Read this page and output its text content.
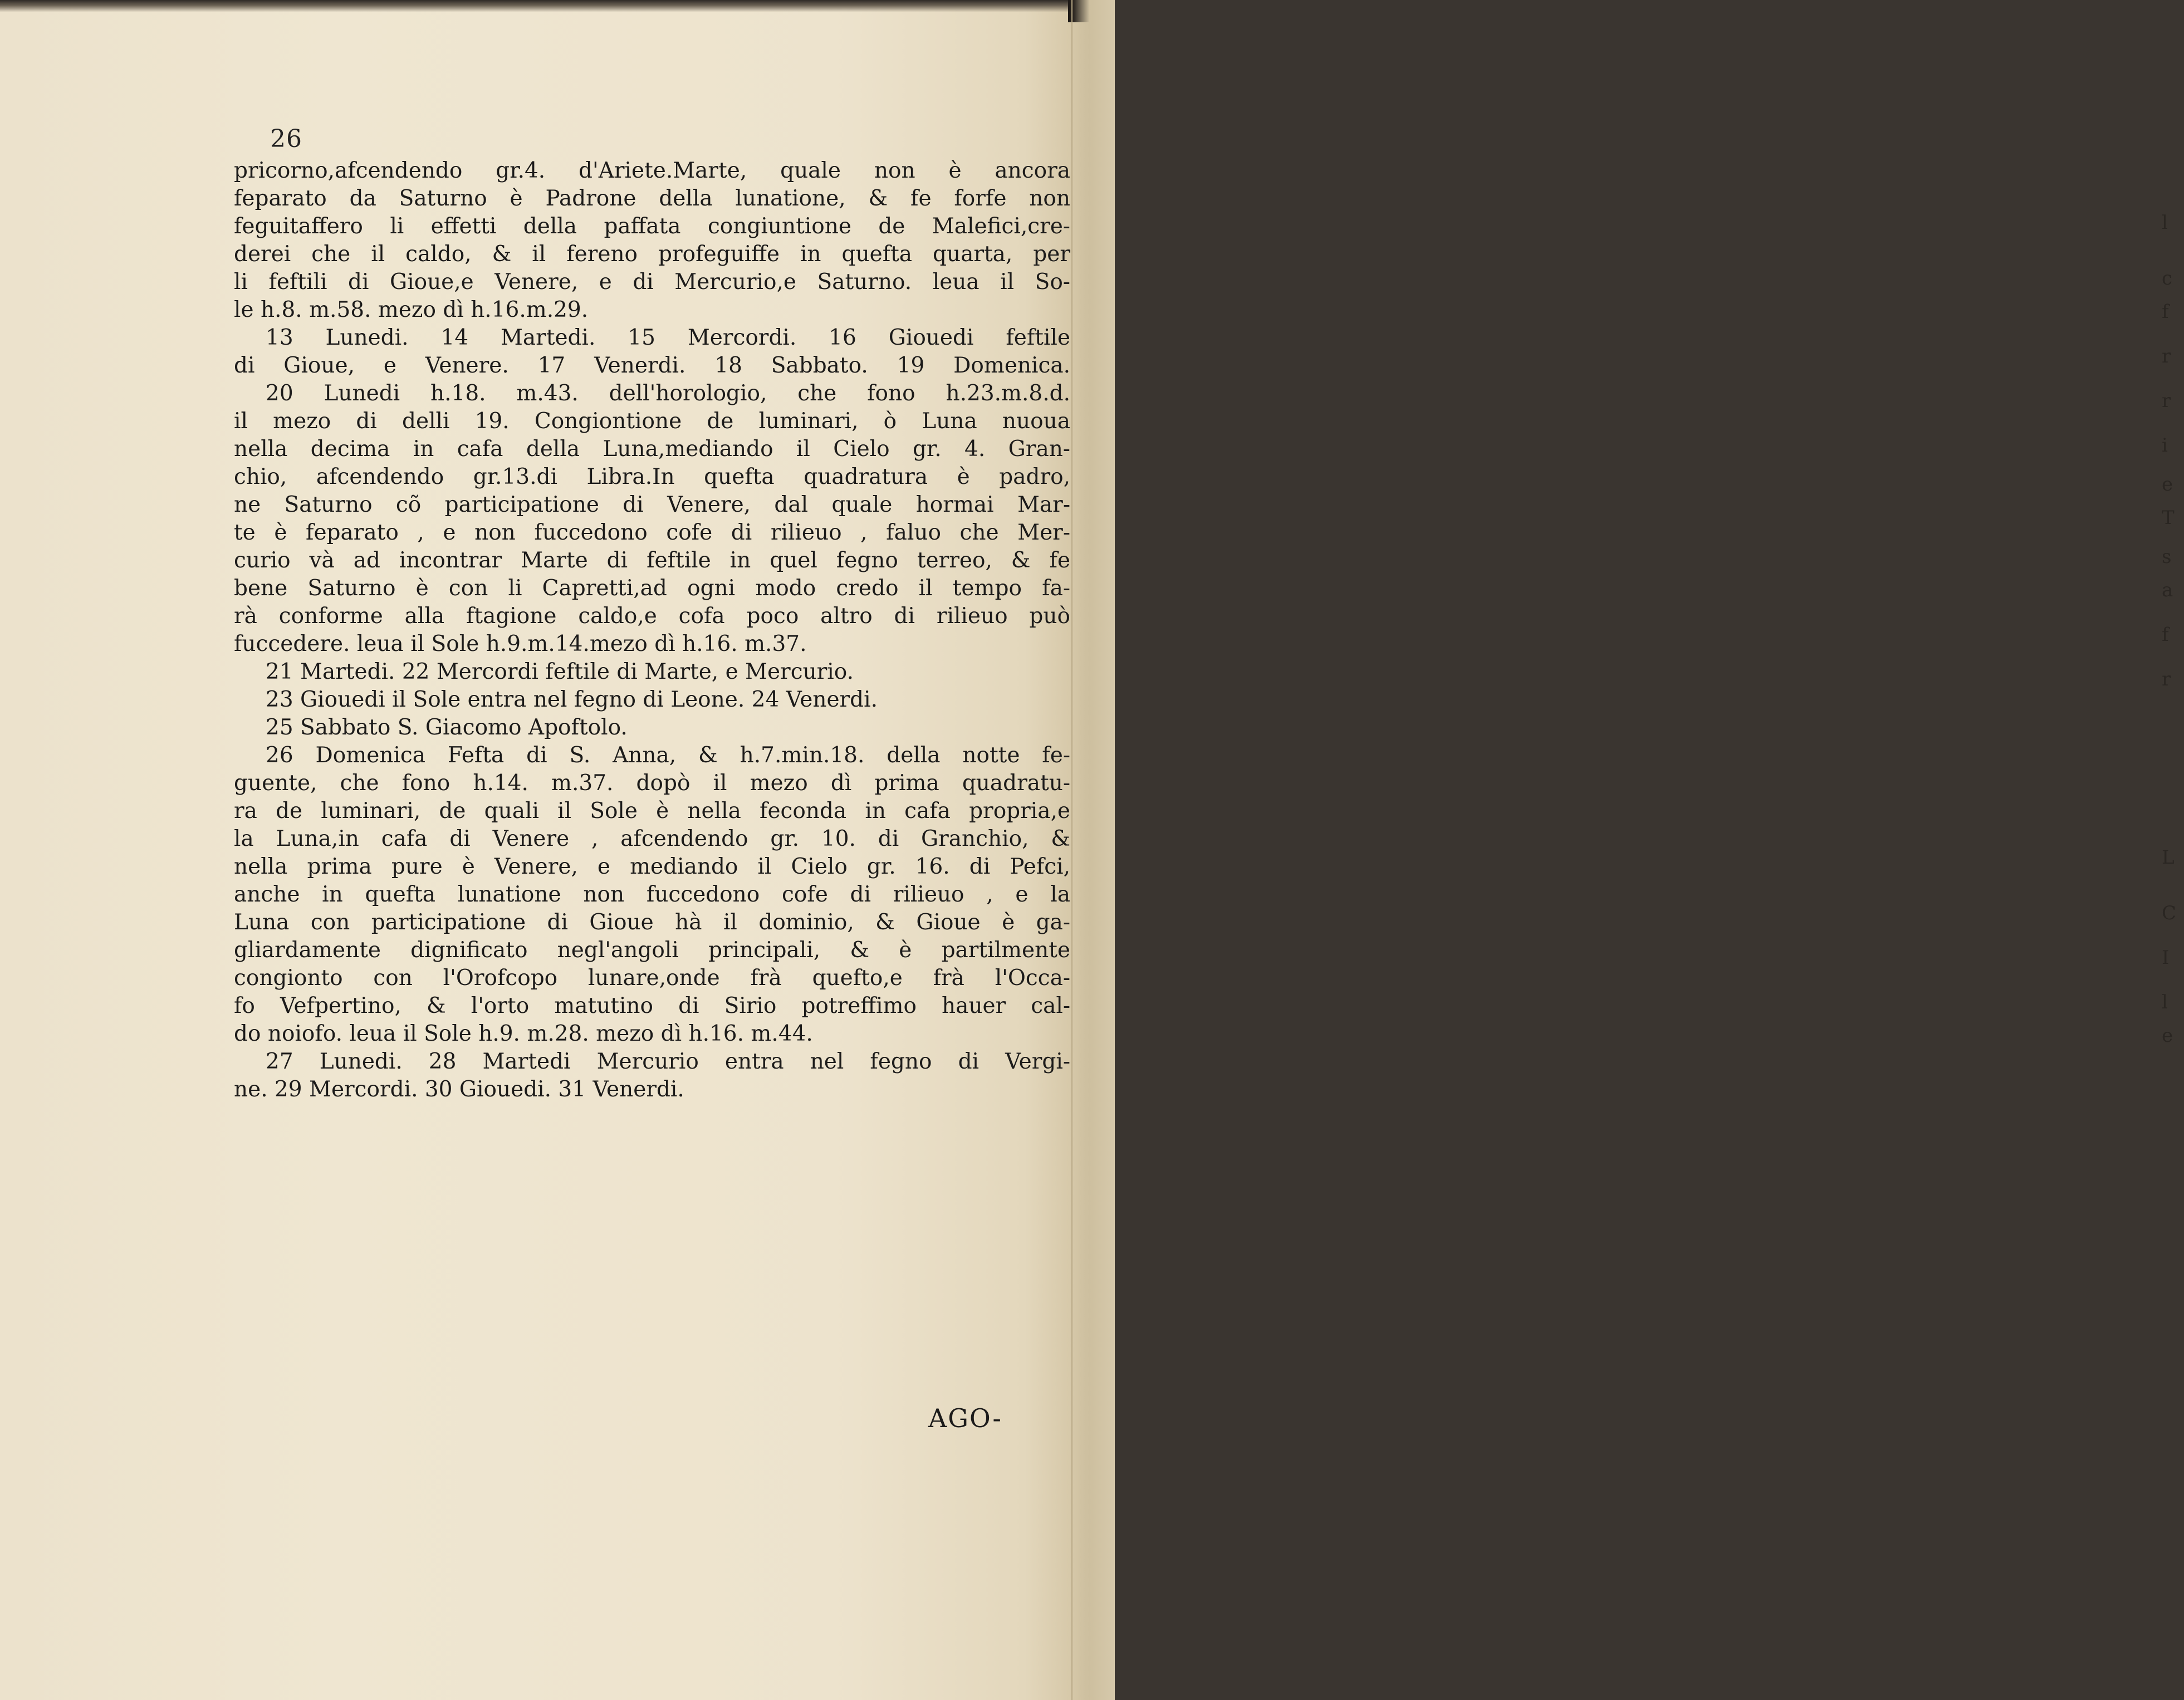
l
c
f
r
r
i
e
T
s
a
f
r
L
C
I
l
e
26
pricorno,afcendendo gr.4. d'Ariete.Marte, quale non è ancora
feparato da Saturno è Padrone della lunatione, & fe forfe non
feguitaffero li effetti della paffata congiuntione de Malefici,cre-
derei che il caldo, & il fereno profeguiffe in quefta quarta, per
li feftili di Gioue,e Venere, e di Mercurio,e Saturno. leua il So-
le h.8. m.58. mezo dì h.16.m.29.
13 Lunedi. 14 Martedi. 15 Mercordi. 16 Giouedi feftile
di Gioue, e Venere. 17 Venerdi. 18 Sabbato. 19 Domenica.
20 Lunedi h.18. m.43. dell'horologio, che fono h.23.m.8.d.
il mezo di delli 19. Congiontione de luminari, ò Luna nuoua
nella decima in cafa della Luna,mediando il Cielo gr. 4. Gran-
chio, afcendendo gr.13.di Libra.In quefta quadratura è padro,
ne Saturno cõ participatione di Venere, dal quale hormai Mar-
te è feparato , e non fuccedono cofe di rilieuo , faluo che Mer-
curio và ad incontrar Marte di feftile in quel fegno terreo, & fe
bene Saturno è con li Capretti,ad ogni modo credo il tempo fa-
rà conforme alla ftagione caldo,e cofa poco altro di rilieuo può
fuccedere. leua il Sole h.9.m.14.mezo dì h.16. m.37.
21 Martedi. 22 Mercordi feftile di Marte, e Mercurio.
23 Giouedi il Sole entra nel fegno di Leone. 24 Venerdi.
25 Sabbato S. Giacomo Apoftolo.
26 Domenica Fefta di S. Anna, & h.7.min.18. della notte fe-
guente, che fono h.14. m.37. dopò il mezo dì prima quadratu-
ra de luminari, de quali il Sole è nella feconda in cafa propria,e
la Luna,in cafa di Venere , afcendendo gr. 10. di Granchio, &
nella prima pure è Venere, e mediando il Cielo gr. 16. di Pefci,
anche in quefta lunatione non fuccedono cofe di rilieuo , e la
Luna con participatione di Gioue hà il dominio, & Gioue è ga-
gliardamente dignificato negl'angoli principali, & è partilmente
congionto con l'Orofcopo lunare,onde frà quefto,e frà l'Occa-
fo Vefpertino, & l'orto matutino di Sirio potreffimo hauer cal-
do noiofo. leua il Sole h.9. m.28. mezo dì h.16. m.44.
27 Lunedi. 28 Martedi Mercurio entra nel fegno di Vergi-
ne. 29 Mercordi. 30 Giouedi. 31 Venerdi.
AGO-
